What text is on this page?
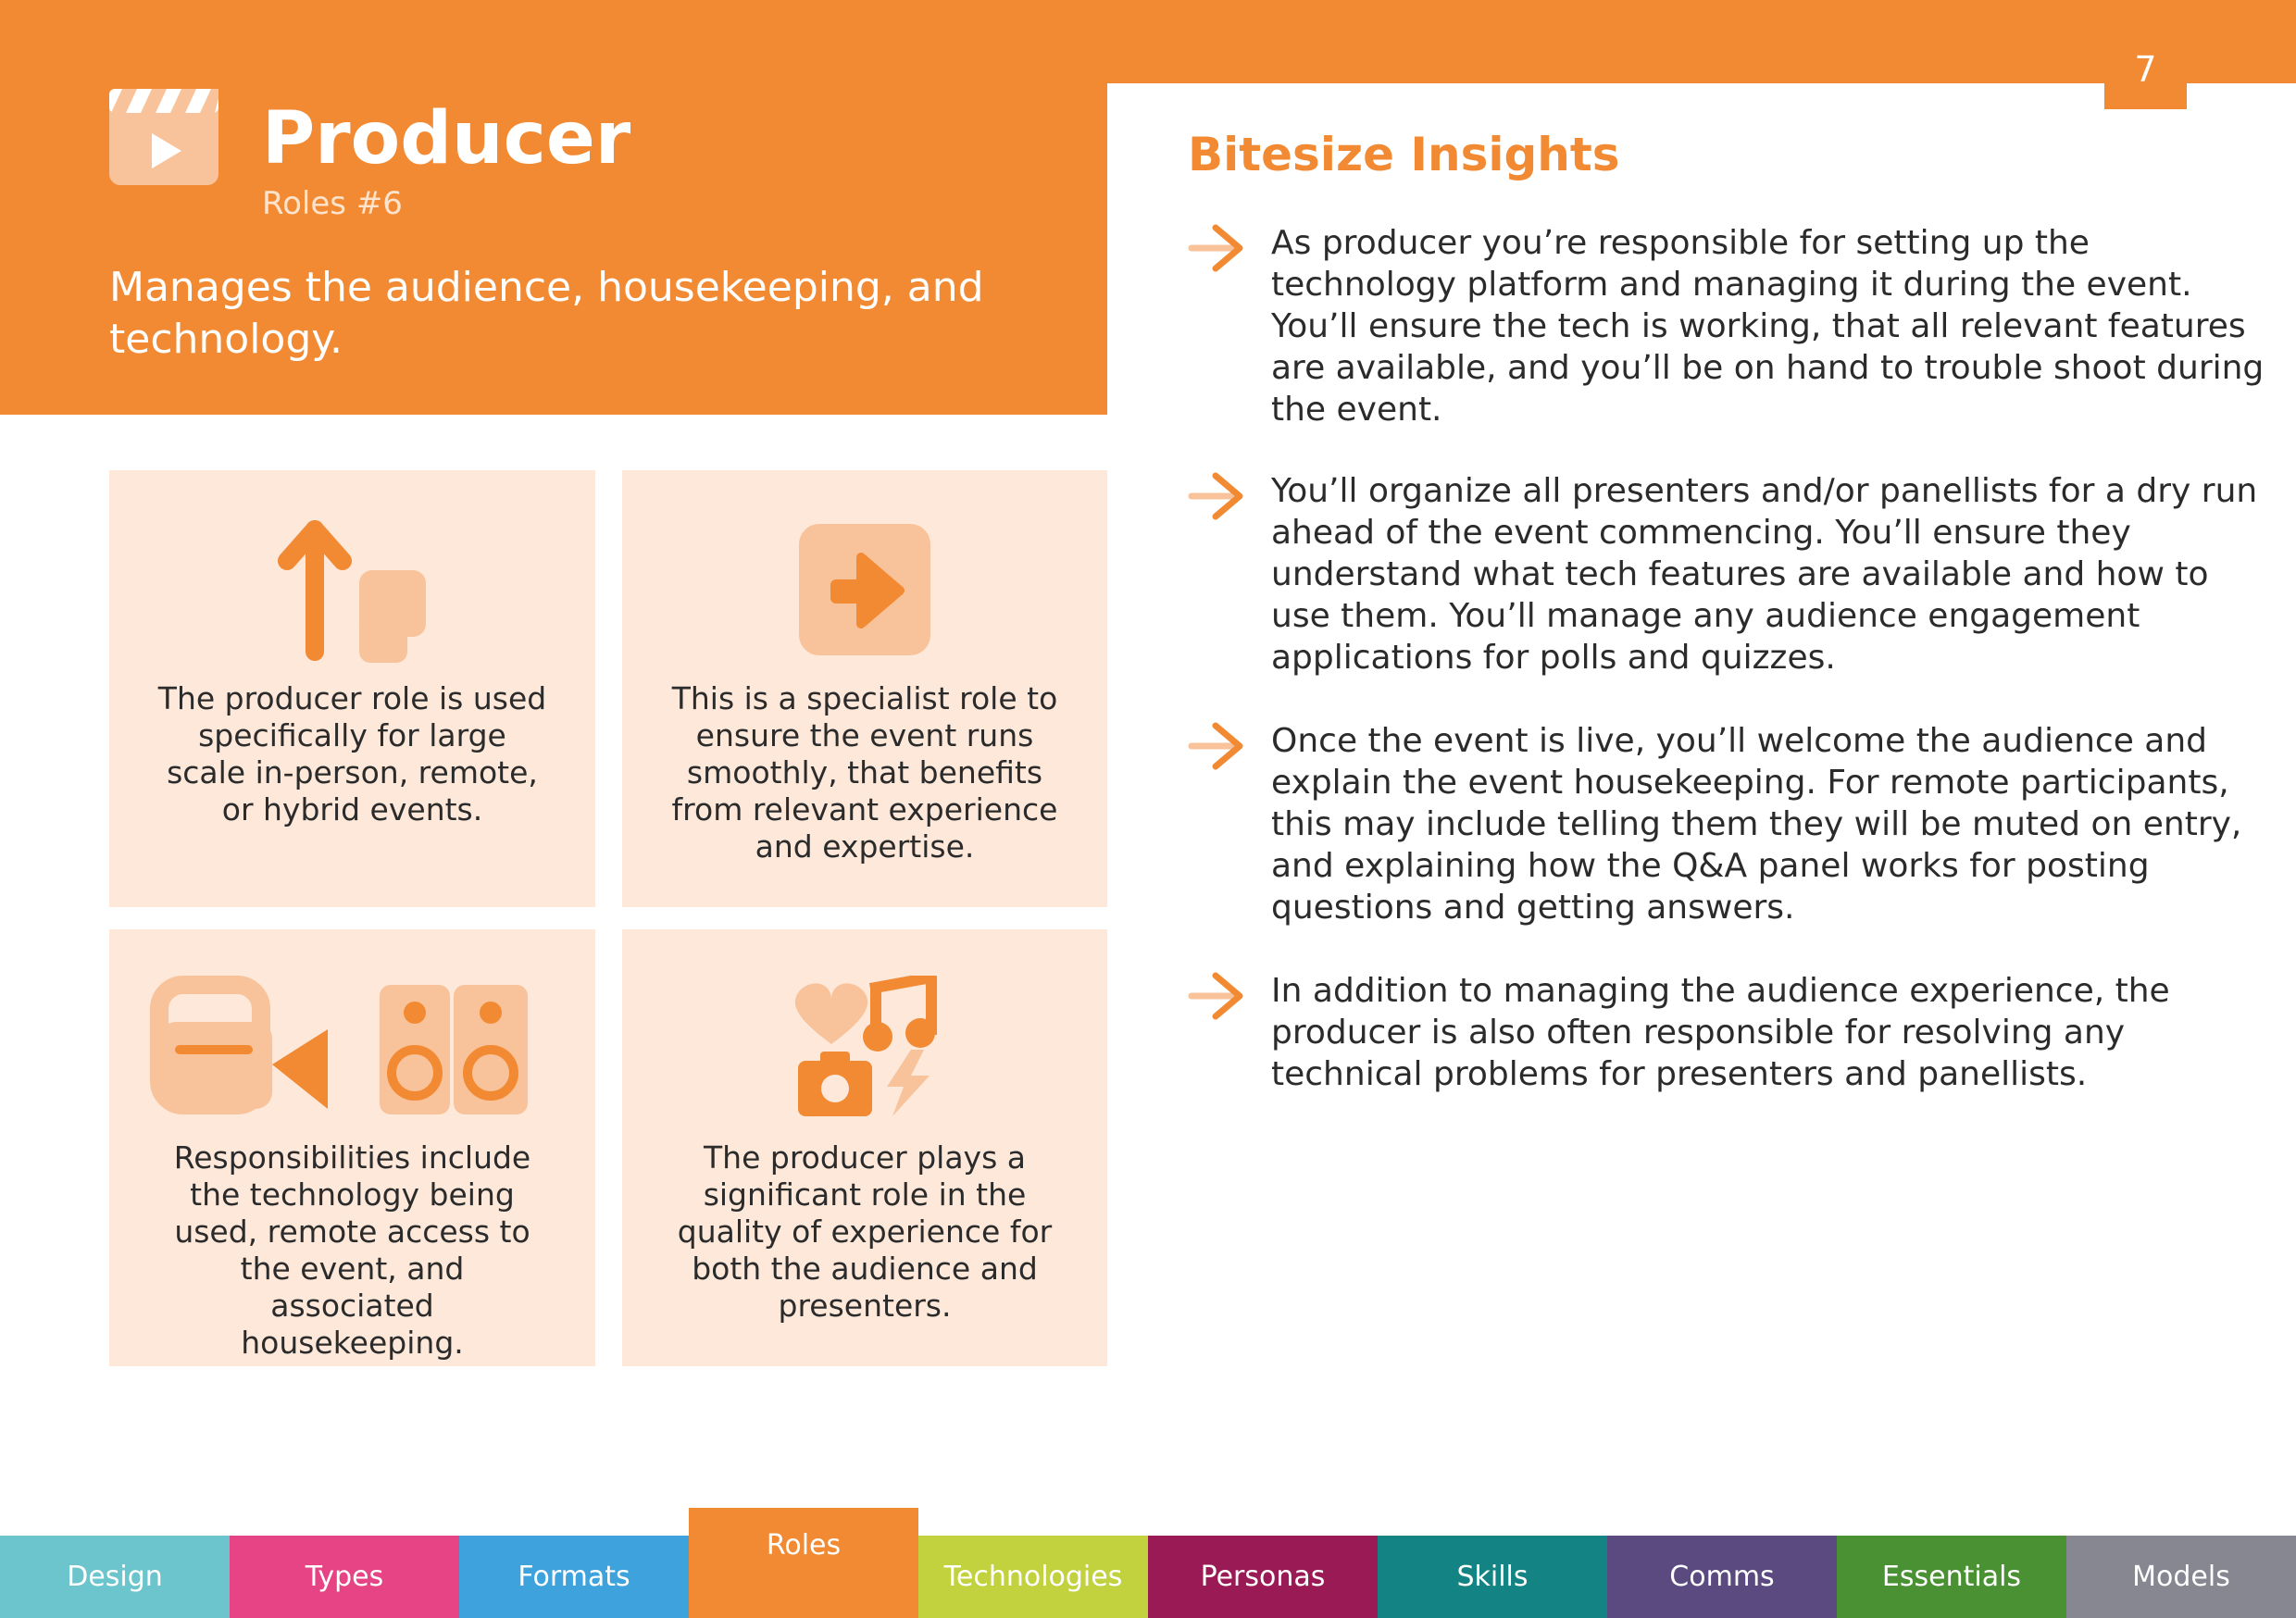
7
Producer
Roles #6
Manages the audience, housekeeping, and technology.
The producer role is used specifically for large scale in-person, remote, or hybrid events.
This is a specialist role to ensure the event runs smoothly, that benefits from relevant experience and expertise.
Responsibilities include the technology being used, remote access to the event, and associated housekeeping.
The producer plays a significant role in the quality of experience for both the audience and presenters.
Bitesize Insights
As producer you’re responsible for setting up the technology platform and managing it during the event. You’ll ensure the tech is working, that all relevant features are available, and you’ll be on hand to trouble shoot during the event.
You’ll organize all presenters and/or panellists for a dry run ahead of the event commencing. You’ll ensure they understand what tech features are available and how to use them. You’ll manage any audience engagement applications for polls and quizzes.
Once the event is live, you’ll welcome the audience and explain the event housekeeping. For remote participants, this may include telling them they will be muted on entry, and explaining how the Q&A panel works for posting questions and getting answers.
In addition to managing the audience experience, the producer is also often responsible for resolving any technical problems for presenters and panellists.
Design	Types	Formats
Roles
Technologies	Personas	Skills	Comms	Essentials	Models
